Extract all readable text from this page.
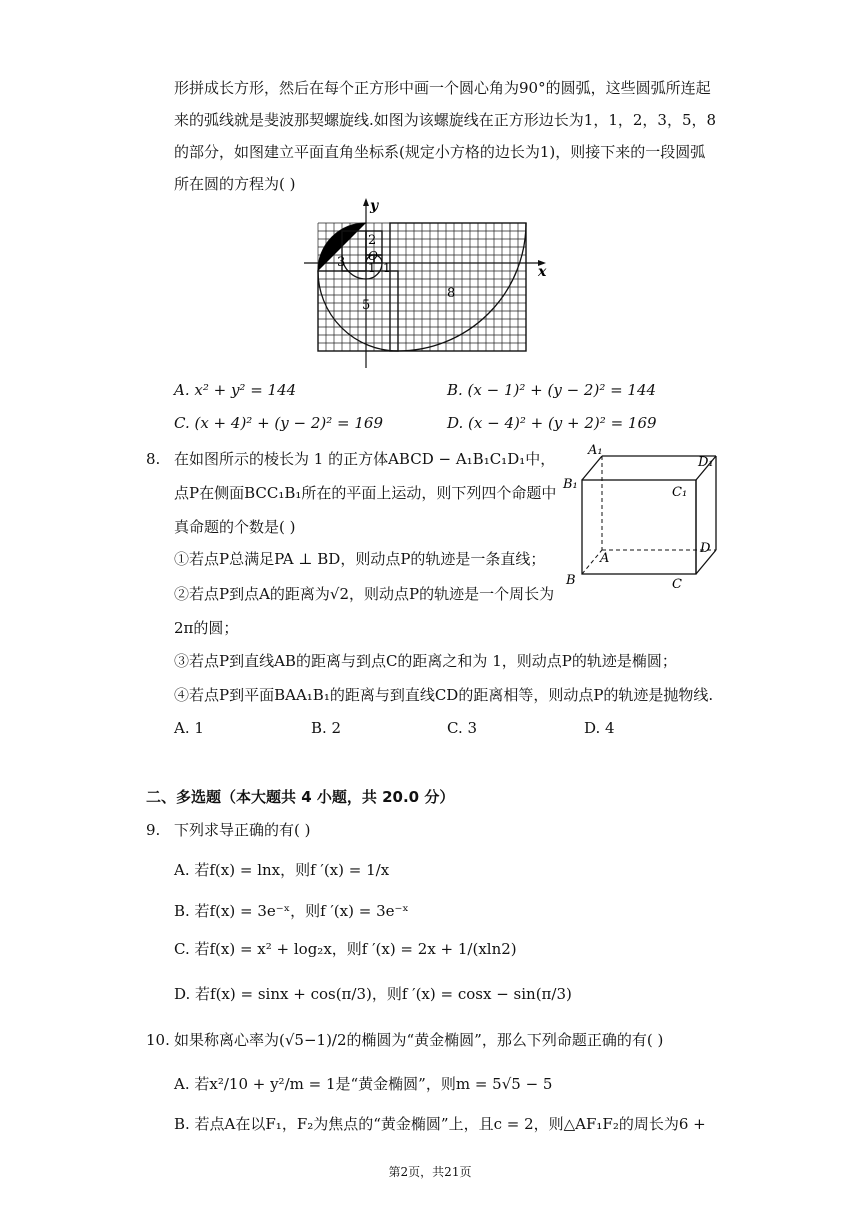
形拼成长方形，然后在每个正方形中画一个圆心角为90°的圆弧，这些圆弧所连起
来的弧线就是斐波那契螺旋线.如图为该螺旋线在正方形边长为1，1，2，3，5，8
的部分，如图建立平面直角坐标系(规定小方格的边长为1)，则接下来的一段圆弧
所在圆的方程为( )
y
x
O
1 1
2
3
5
8
A. x² + y² = 144	B. (x − 1)² + (y − 2)² = 144
C. (x + 4)² + (y − 2)² = 169	D. (x − 4)² + (y + 2)² = 169
8. 在如图所示的棱长为 1 的正方体ABCD − A₁B₁C₁D₁中，
点P在侧面BCC₁B₁所在的平面上运动，则下列四个命题中
真命题的个数是( )
①若点P总满足PA ⊥ BD，则动点P的轨迹是一条直线；
②若点P到点A的距离为√2，则动点P的轨迹是一个周长为
2π的圆；
③若点P到直线AB的距离与到点C的距离之和为 1，则动点P的轨迹是椭圆；
④若点P到平面BAA₁B₁的距离与到直线CD的距离相等，则动点P的轨迹是抛物线.
A₁
D₁
B₁
C₁
A
D
B	C
A. 1	B. 2	C. 3	D. 4
二、多选题（本大题共 4 小题，共 20.0 分）
9. 下列求导正确的有( )
A. 若f(x) = lnx，则f ′(x) = 1/x
B. 若f(x) = 3e⁻ˣ，则f ′(x) = 3e⁻ˣ
C. 若f(x) = x² + log₂x，则f ′(x) = 2x + 1/(xln2)
D. 若f(x) = sinx + cos(π/3)，则f ′(x) = cosx − sin(π/3)
10. 如果称离心率为(√5−1)/2的椭圆为“黄金椭圆”，那么下列命题正确的有( )
A. 若x²/10 + y²/m = 1是“黄金椭圆”，则m = 5√5 − 5
B. 若点A在以F₁，F₂为焦点的“黄金椭圆”上，且c = 2，则△AF₁F₂的周长为6 +
第2页，共21页
